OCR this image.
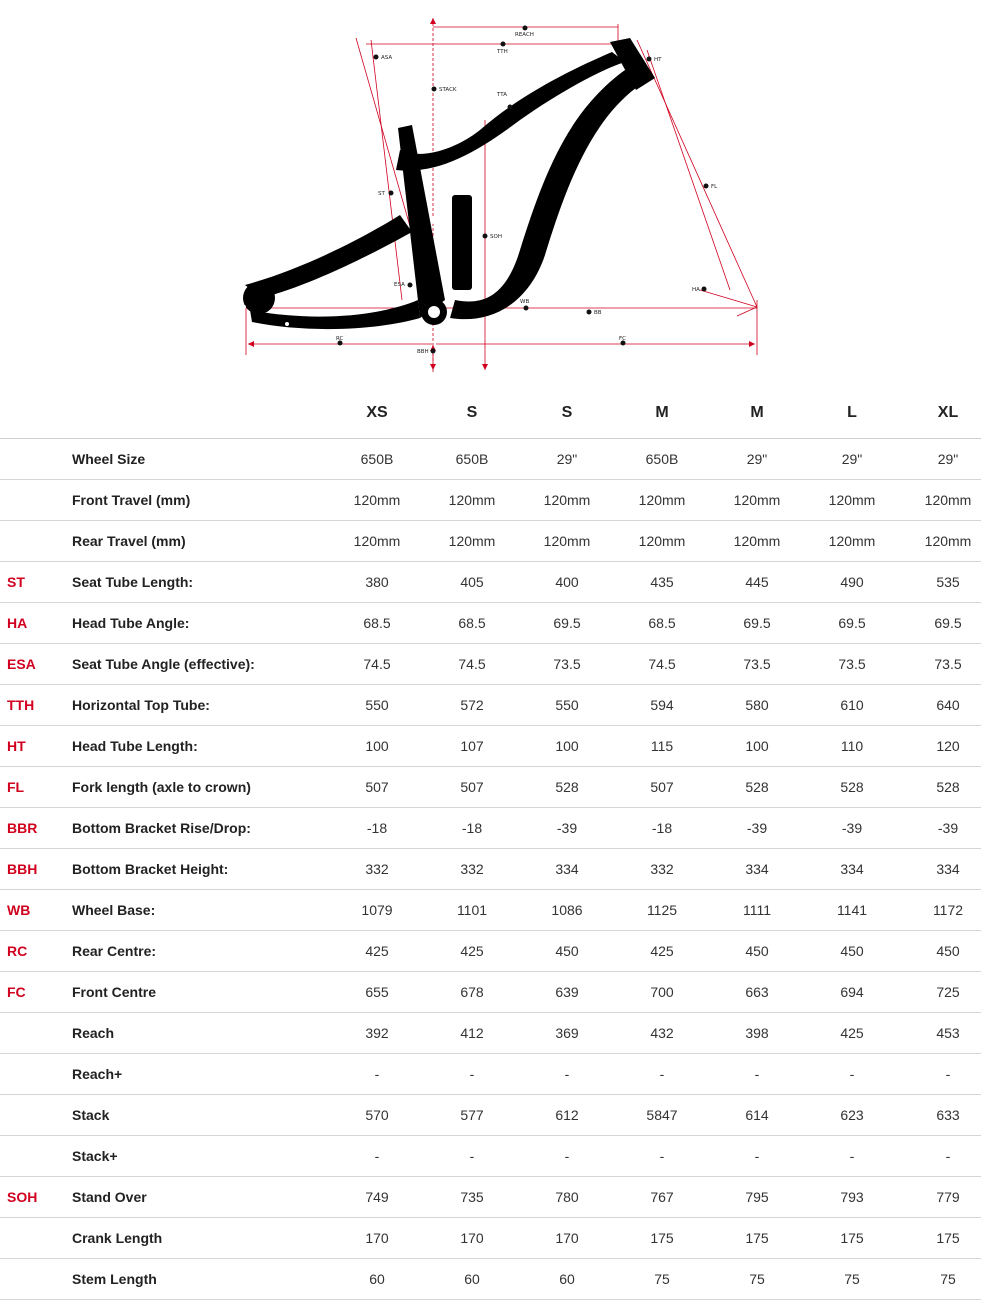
REACH
TTH
ASA	HT
STACK
TTA
ST
SOH
FL
ESA
HA
WB
BB
RC	FC
BBH
XS	S	S	M	M	L	XL
Wheel Size	650B	650B	29"	650B	29"	29"	29"
Front Travel (mm)	120mm	120mm	120mm	120mm	120mm	120mm	120mm
Rear Travel (mm)	120mm	120mm	120mm	120mm	120mm	120mm	120mm
ST	Seat Tube Length:	380	405	400	435	445	490	535
HA	Head Tube Angle:	68.5	68.5	69.5	68.5	69.5	69.5	69.5
ESA	Seat Tube Angle (effective):	74.5	74.5	73.5	74.5	73.5	73.5	73.5
TTH	Horizontal Top Tube:	550	572	550	594	580	610	640
HT	Head Tube Length:	100	107	100	115	100	110	120
FL	Fork length (axle to crown)	507	507	528	507	528	528	528
BBR Bottom Bracket Rise/Drop:	-18	-18	-39	-18	-39	-39	-39
BBH Bottom Bracket Height:	332	332	334	332	334	334	334
WB	Wheel Base:	1079	1101	1086	1125	1111	1141	1172
RC	Rear Centre:	425	425	450	425	450	450	450
FC	Front Centre	655	678	639	700	663	694	725
Reach	392	412	369	432	398	425	453
Reach+	-	-	-	-	-	-	-
Stack	570	577	612	5847	614	623	633
Stack+	-	-	-	-	-	-	-
SOH Stand Over	749	735	780	767	795	793	779
Crank Length	170	170	170	175	175	175	175
Stem Length	60	60	60	75	75	75	75
